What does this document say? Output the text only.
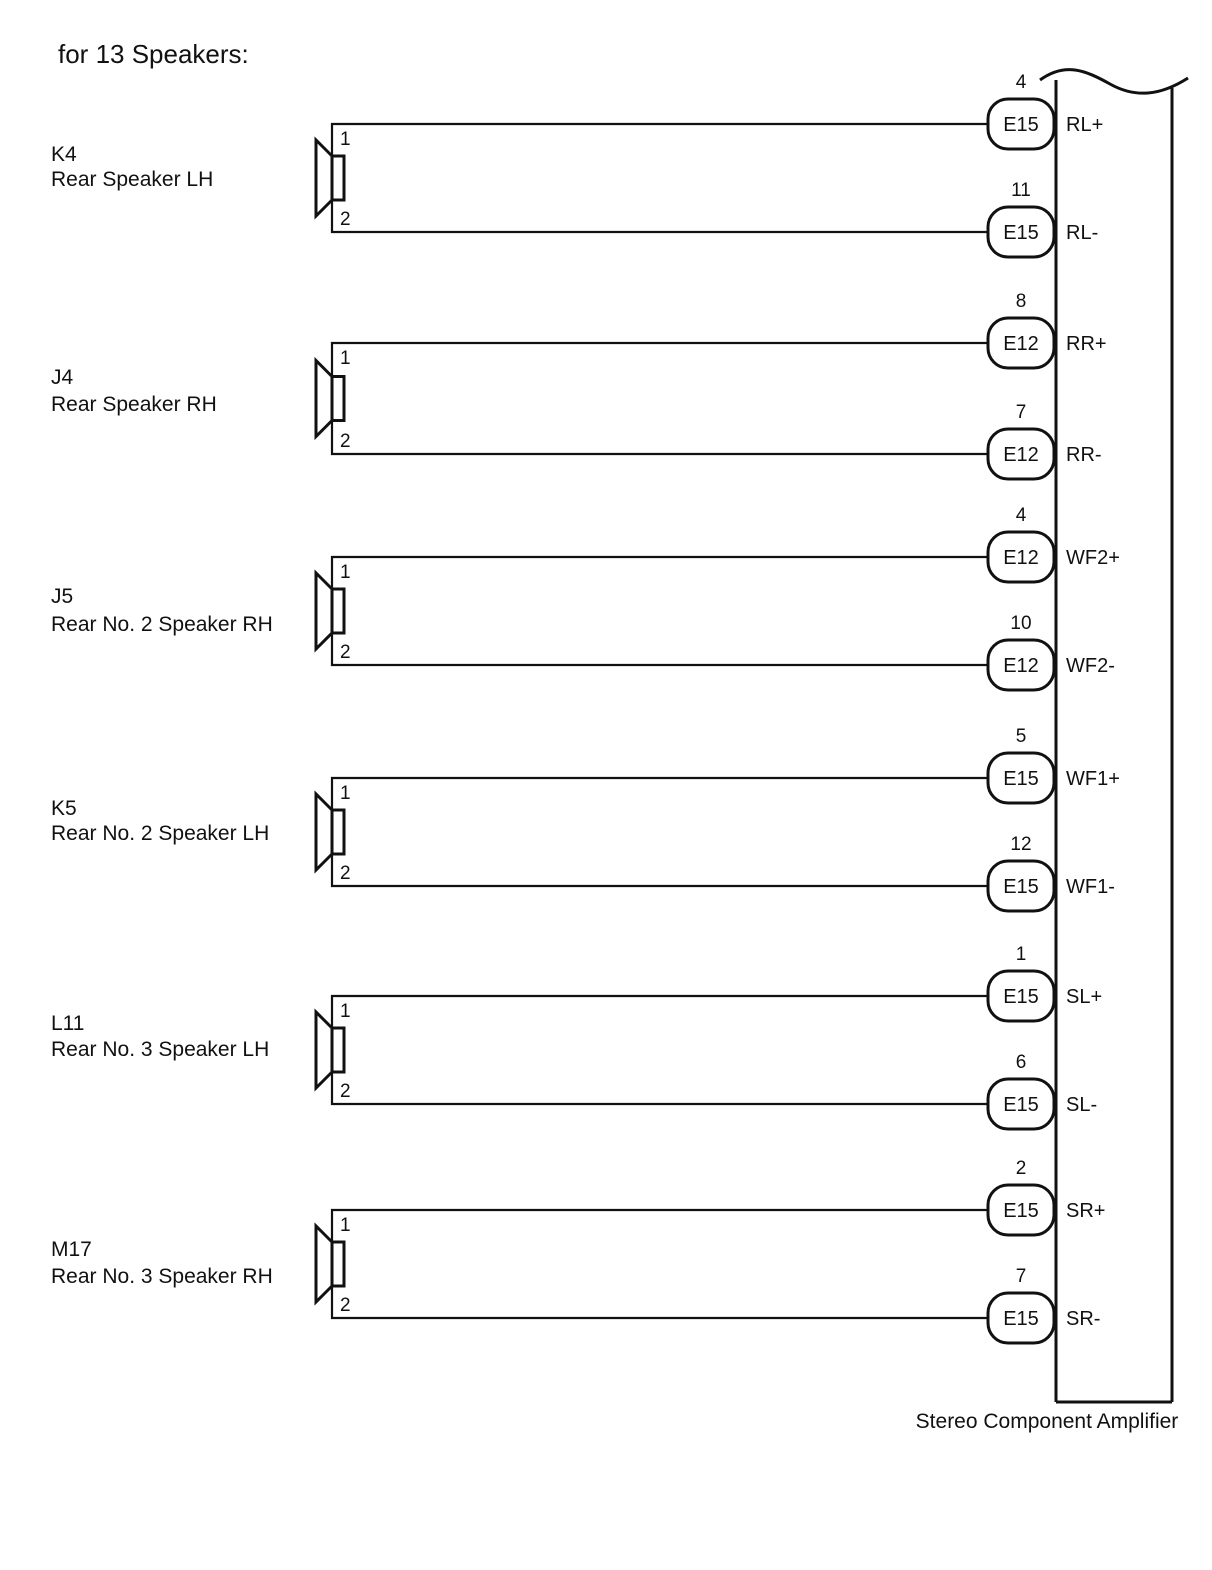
for 13 Speakers:
Stereo Component Amplifier
K4
Rear Speaker LH
1
2
E15
4
RL+
E15
11
RL-
J4
Rear Speaker RH
1
2
E12
8
RR+
E12
7
RR-
J5
Rear No. 2 Speaker RH
1
2
E12
4
WF2+
E12
10
WF2-
K5
Rear No. 2 Speaker LH
1
2
E15
5
WF1+
E15
12
WF1-
L11
Rear No. 3 Speaker LH
1
2
E15
1
SL+
E15
6
SL-
M17
Rear No. 3 Speaker RH
1
2
E15
2
SR+
E15
7
SR-
